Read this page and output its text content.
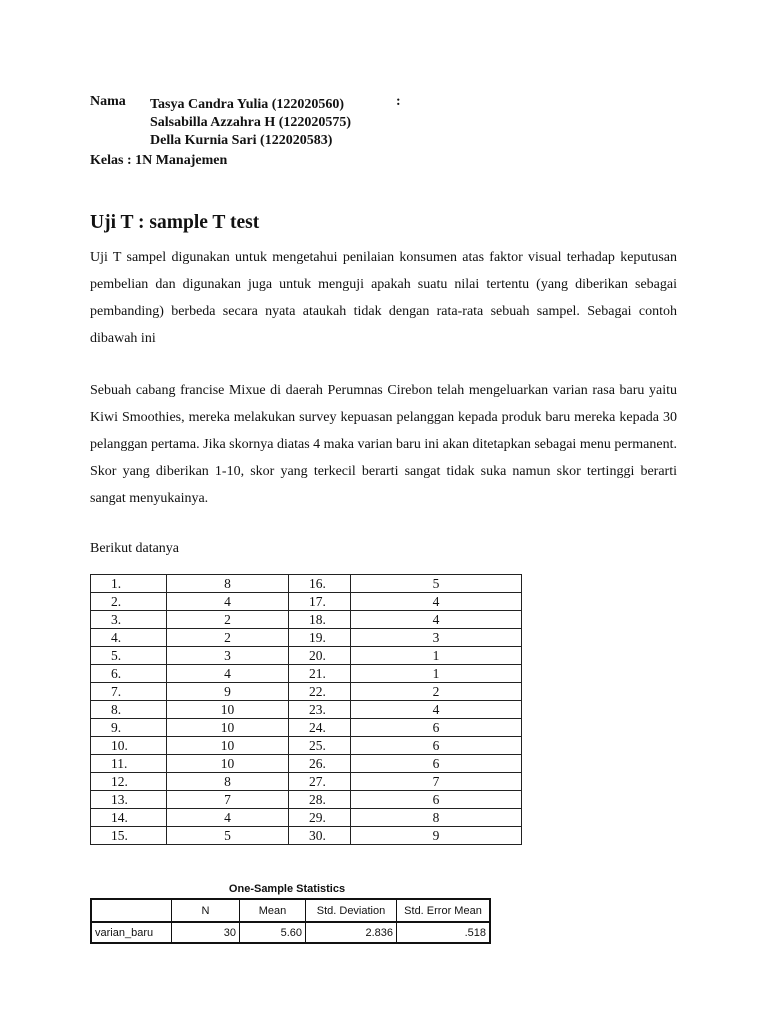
Nama Tasya Candra Yulia (122020560)
Salsabilla Azzahra H (122020575)
Della Kurnia Sari (122020583)
:
Kelas : 1N Manajemen
Uji T : sample T test
Uji T sampel digunakan untuk mengetahui penilaian konsumen atas faktor visual terhadap keputusan pembelian dan digunakan juga untuk menguji apakah suatu nilai tertentu (yang diberikan sebagai pembanding) berbeda secara nyata ataukah tidak dengan rata-rata sebuah sampel. Sebagai contoh dibawah ini
Sebuah cabang francise Mixue di daerah Perumnas Cirebon telah mengeluarkan varian rasa baru yaitu Kiwi Smoothies, mereka melakukan survey kepuasan pelanggan kepada produk baru mereka kepada 30 pelanggan pertama. Jika skornya diatas 4 maka varian baru ini akan ditetapkan sebagai menu permanent. Skor yang diberikan 1-10, skor yang terkecil berarti sangat tidak suka namun skor tertinggi berarti sangat menyukainya.
Berikut datanya
1.	8	16.	5
2.	4	17.	4
3.	2	18.	4
4.	2	19.	3
5.	3	20.	1
6.	4	21.	1
7.	9	22.	2
8.	10	23.	4
9.	10	24.	6
10.	10	25.	6
11.	10	26.	6
12.	8	27.	7
13.	7	28.	6
14.	4	29.	8
15.	5	30.	9
One-Sample Statistics
	N	Mean	Std. Deviation	Std. Error Mean
varian_baru	30	5.60	2.836	.518
